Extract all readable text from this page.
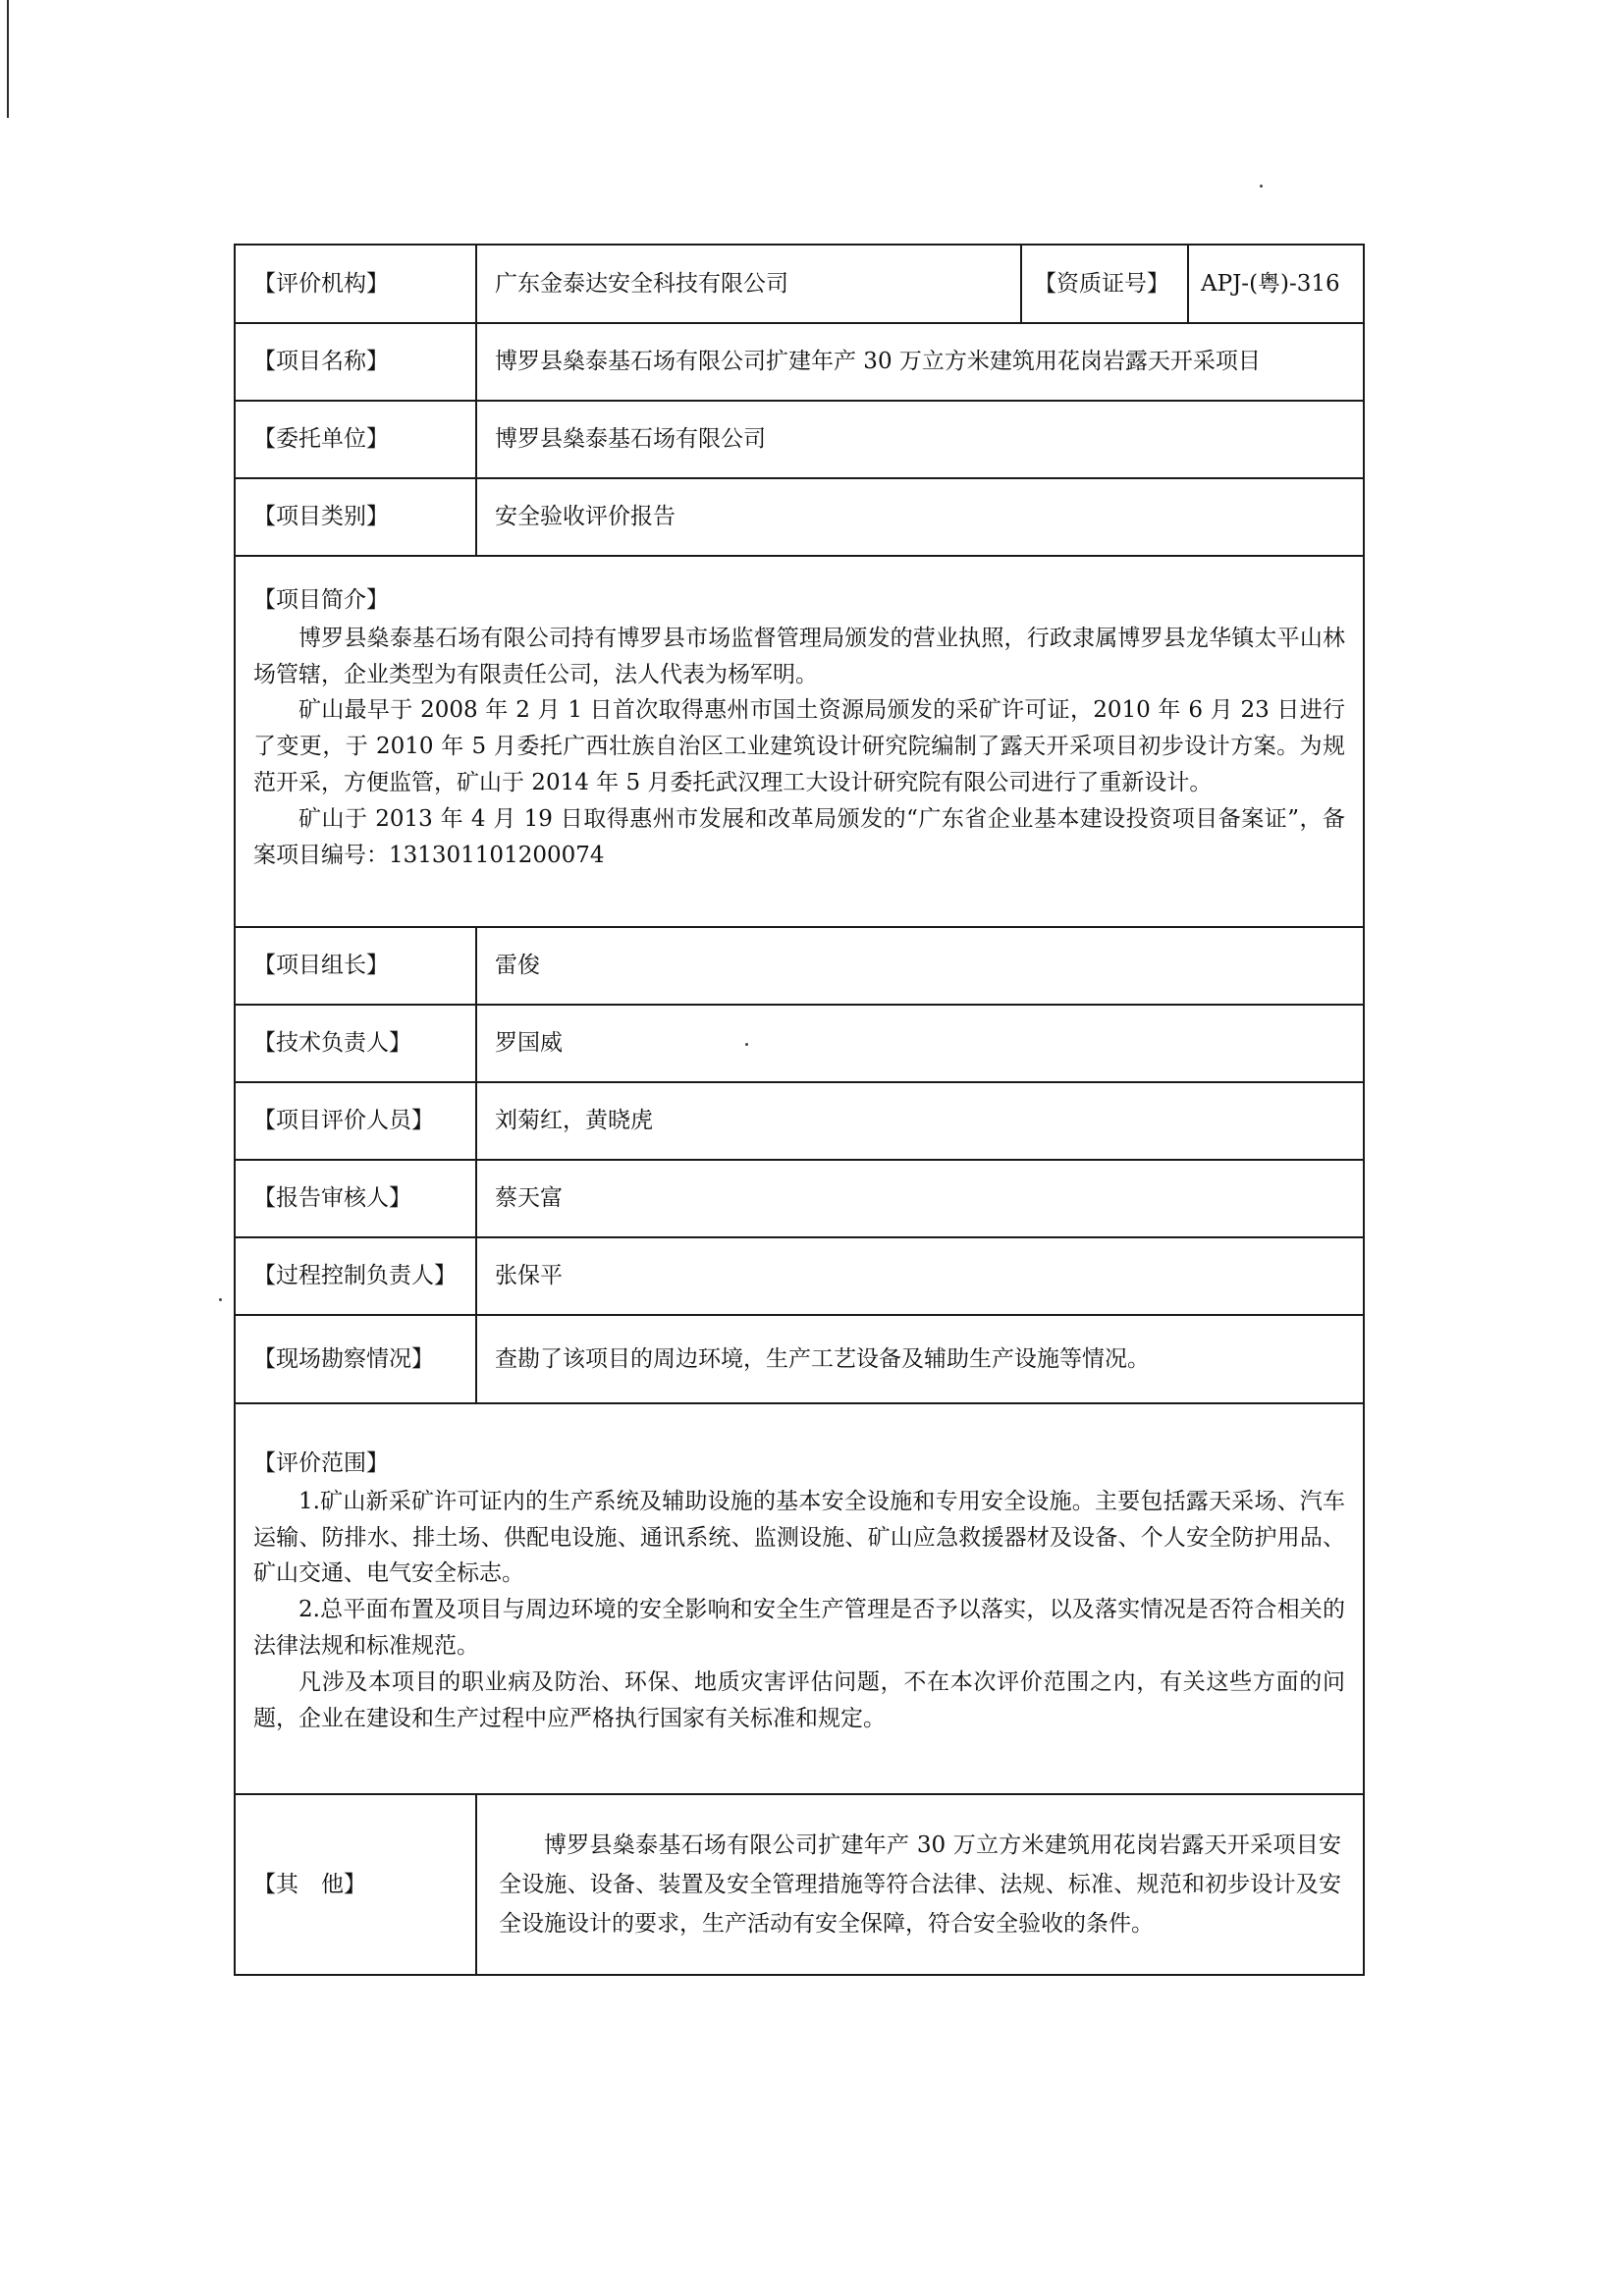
【评价机构】	广东金泰达安全科技有限公司	【资质证号】	APJ-(粤)-316
【项目名称】	博罗县燊泰基石场有限公司扩建年产 30 万立方米建筑用花岗岩露天开采项目		
【委托单位】	博罗县燊泰基石场有限公司		
【项目类别】	安全验收评价报告		

【项目简介】

博罗县燊泰基石场有限公司持有博罗县市场监督管理局颁发的营业执照，行政隶属博罗县龙华镇太平山林场管辖，企业类型为有限责任公司，法人代表为杨军明。

矿山最早于 2008 年 2 月 1 日首次取得惠州市国土资源局颁发的采矿许可证，2010 年 6 月 23 日进行了变更，于 2010 年 5 月委托广西壮族自治区工业建筑设计研究院编制了露天开采项目初步设计方案。为规范开采，方便监管，矿山于 2014 年 5 月委托武汉理工大设计研究院有限公司进行了重新设计。

矿山于 2013 年 4 月 19 日取得惠州市发展和改革局颁发的“广东省企业基本建设投资项目备案证”，备案项目编号：131301101200074			

【项目组长】	雷俊		
【技术负责人】	罗国威		
【项目评价人员】	刘菊红，黄晓虎		
【报告审核人】	蔡天富		
【过程控制负责人】	张保平		
【现场勘察情况】	查勘了该项目的周边环境，生产工艺设备及辅助生产设施等情况。		

【评价范围】

1.矿山新采矿许可证内的生产系统及辅助设施的基本安全设施和专用安全设施。主要包括露天采场、汽车运输、防排水、排土场、供配电设施、通讯系统、监测设施、矿山应急救援器材及设备、个人安全防护用品、矿山交通、电气安全标志。

2.总平面布置及项目与周边环境的安全影响和安全生产管理是否予以落实，以及落实情况是否符合相关的法律法规和标准规范。

凡涉及本项目的职业病及防治、环保、地质灾害评估问题，不在本次评价范围之内，有关这些方面的问题，企业在建设和生产过程中应严格执行国家有关标准和规定。			

【其　他】	博罗县燊泰基石场有限公司扩建年产 30 万立方米建筑用花岗岩露天开采项目安全设施、设备、装置及安全管理措施等符合法律、法规、标准、规范和初步设计及安全设施设计的要求，生产活动有安全保障，符合安全验收的条件。		
